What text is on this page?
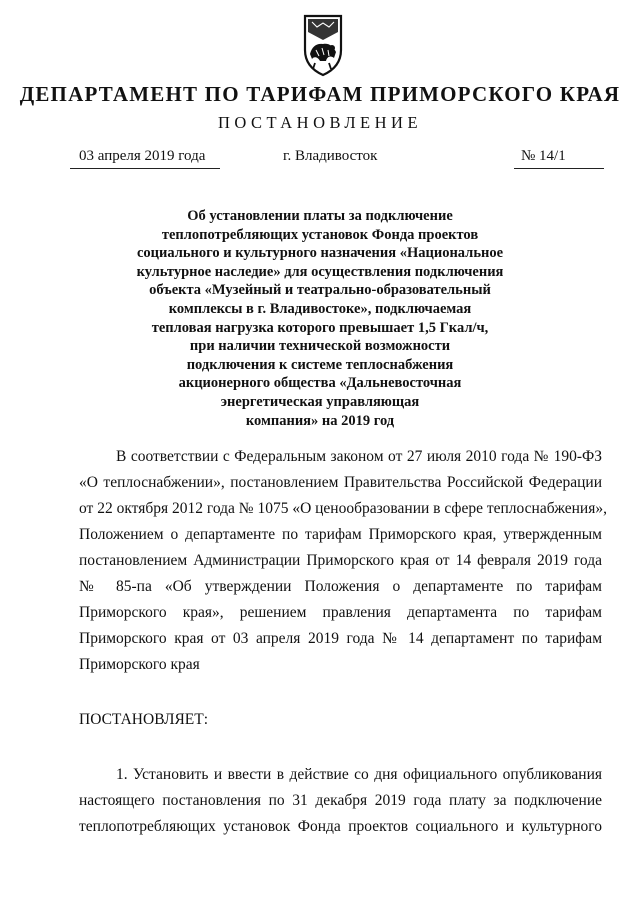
ДЕПАРТАМЕНТ ПО ТАРИФАМ ПРИМОРСКОГО КРАЯ
ПОСТАНОВЛЕНИЕ
03 апреля 2019 года	г. Владивосток	№ 14/1
Об установлении платы за подключение
теплопотребляющих установок Фонда проектов
социального и культурного назначения «Национальное
культурное наследие» для осуществления подключения
объекта «Музейный и театрально-образовательный
комплексы в г. Владивостоке», подключаемая
тепловая нагрузка которого превышает 1,5 Гкал/ч,
при наличии технической возможности
подключения к системе теплоснабжения
акционерного общества «Дальневосточная
энергетическая управляющая
компания» на 2019 год
В соответствии с Федеральным законом от 27 июля 2010 года № 190-ФЗ
«О теплоснабжении», постановлением Правительства Российской Федерации
от 22 октября 2012 года № 1075 «О ценообразовании в сфере теплоснабжения»,
Положением о департаменте по тарифам Приморского края, утвержденным
постановлением Администрации Приморского края от 14 февраля 2019 года
№ 85-па «Об утверждении Положения о департаменте по тарифам
Приморского края», решением правления департамента по тарифам
Приморского края от 03 апреля 2019 года № 14 департамент по тарифам
Приморского края
ПОСТАНОВЛЯЕТ:
1. Установить и ввести в действие со дня официального опубликования
настоящего постановления по 31 декабря 2019 года плату за подключение
теплопотребляющих установок Фонда проектов социального и культурного
